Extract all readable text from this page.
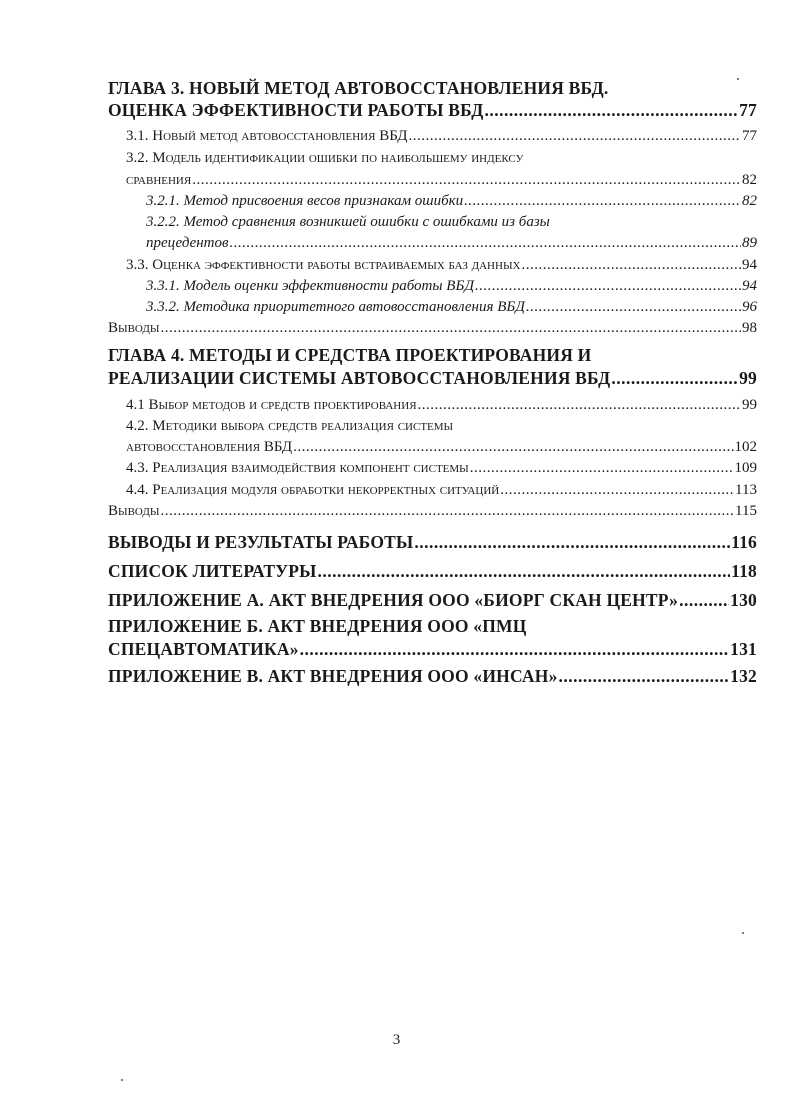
ГЛАВА 3. НОВЫЙ МЕТОД АВТОВОССТАНОВЛЕНИЯ ВБД.
ОЦЕНКА ЭФФЕКТИВНОСТИ РАБОТЫ ВБД .....	77
3.1. Новый метод автовосстановления ВБД .....	77
3.2. Модель идентификации ошибки по наибольшему индексу
сравнения .....	82
3.2.1. Метод присвоения весов признакам ошибки .....	82
3.2.2. Метод сравнения возникшей ошибки с ошибками из базы
прецедентов .....	89
3.3. Оценка эффективности работы встраиваемых баз данных .....	94
3.3.1. Модель оценки эффективности работы ВБД .....	94
3.3.2. Методика приоритетного автовосстановления ВБД .....	96
Выводы .....	98
ГЛАВА 4. МЕТОДЫ И СРЕДСТВА ПРОЕКТИРОВАНИЯ И
РЕАЛИЗАЦИИ СИСТЕМЫ АВТОВОССТАНОВЛЕНИЯ ВБД .....	99
4.1 Выбор методов и средств проектирования .....	99
4.2. Методики выбора средств реализация системы
автовосстановления ВБД .....	102
4.3. Реализация взаимодействия компонент системы .....	109
4.4. Реализация модуля обработки некорректных ситуаций .....	113
Выводы .....	115
ВЫВОДЫ И РЕЗУЛЬТАТЫ РАБОТЫ .....	116
СПИСОК ЛИТЕРАТУРЫ .....	118
ПРИЛОЖЕНИЕ А. АКТ ВНЕДРЕНИЯ ООО «БИОРГ СКАН ЦЕНТР» .....	130
ПРИЛОЖЕНИЕ Б. АКТ ВНЕДРЕНИЯ ООО «ПМЦ
СПЕЦАВТОМАТИКА» .....	131
ПРИЛОЖЕНИЕ В. АКТ ВНЕДРЕНИЯ ООО «ИНСАН» .....	132
3
